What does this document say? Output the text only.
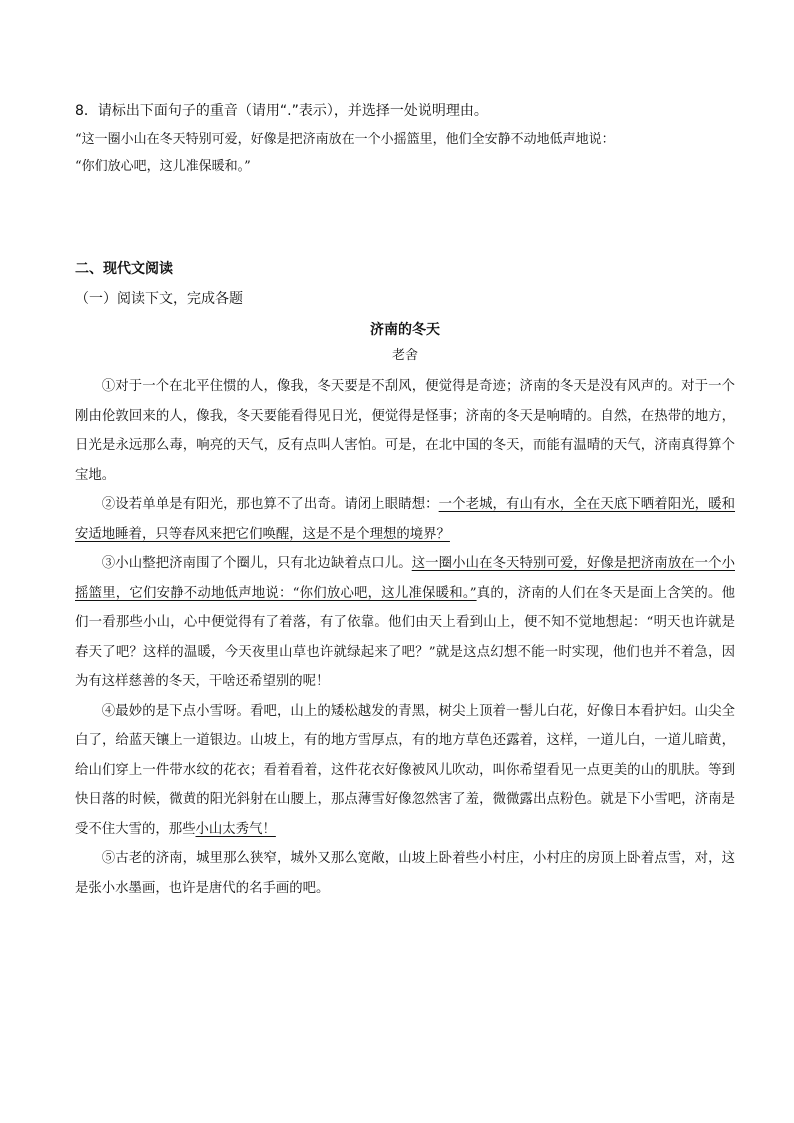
8．请标出下面句子的重音（请用“.”表示），并选择一处说明理由。

“这一圈小山在冬天特别可爱，好像是把济南放在一个小摇篮里，他们全安静不动地低声地说：

“你们放心吧，这儿准保暖和。”

二、现代文阅读

（一）阅读下文，完成各题

济南的冬天

老舍

①对于一个在北平住惯的人，像我，冬天要是不刮风，便觉得是奇迹；济南的冬天是没有风声的。对于一个刚由伦敦回来的人，像我，冬天要能看得见日光，便觉得是怪事；济南的冬天是响晴的。自然，在热带的地方，日光是永远那么毒，响亮的天气，反有点叫人害怕。可是，在北中国的冬天，而能有温晴的天气，济南真得算个宝地。

②设若单单是有阳光，那也算不了出奇。请闭上眼睛想：一个老城，有山有水，全在天底下晒着阳光，暖和安适地睡着，只等春风来把它们唤醒，这是不是个理想的境界？

③小山整把济南围了个圈儿，只有北边缺着点口儿。这一圈小山在冬天特别可爱，好像是把济南放在一个小摇篮里，它们安静不动地低声地说：“你们放心吧，这儿准保暖和。”真的，济南的人们在冬天是面上含笑的。他们一看那些小山，心中便觉得有了着落，有了依靠。他们由天上看到山上，便不知不觉地想起：“明天也许就是春天了吧？这样的温暖，今天夜里山草也许就绿起来了吧？”就是这点幻想不能一时实现，他们也并不着急，因为有这样慈善的冬天，干啥还希望别的呢！

④最妙的是下点小雪呀。看吧，山上的矮松越发的青黑，树尖上顶着一髻儿白花，好像日本看护妇。山尖全白了，给蓝天镶上一道银边。山坡上，有的地方雪厚点，有的地方草色还露着，这样，一道儿白，一道儿暗黄，给山们穿上一件带水纹的花衣；看着看着，这件花衣好像被风儿吹动，叫你希望看见一点更美的山的肌肤。等到快日落的时候，微黄的阳光斜射在山腰上，那点薄雪好像忽然害了羞，微微露出点粉色。就是下小雪吧，济南是受不住大雪的，那些小山太秀气！

⑤古老的济南，城里那么狭窄，城外又那么宽敞，山坡上卧着些小村庄，小村庄的房顶上卧着点雪，对，这是张小水墨画，也许是唐代的名手画的吧。
